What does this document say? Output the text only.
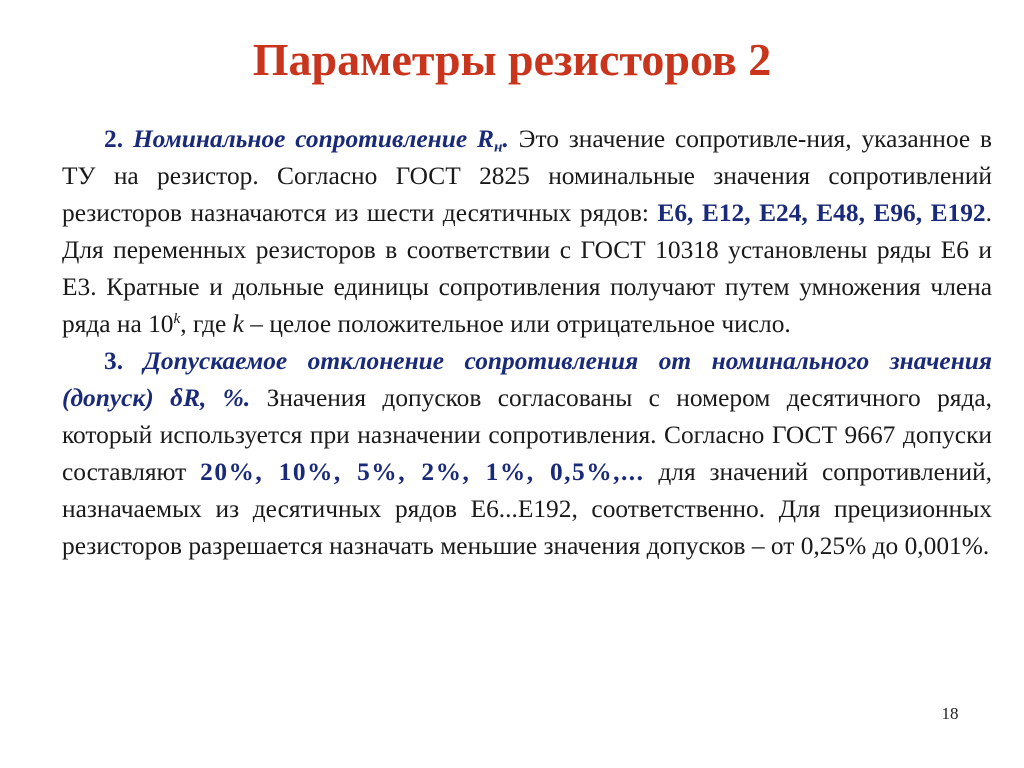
Параметры резисторов 2

2. Номинальное сопротивление $R_н$. Это значение сопротивле-ния, указанное в ТУ на резистор. Согласно ГОСТ 2825 номинальные значения сопротивлений резисторов назначаются из шести десятичных рядов: Е6, Е12, Е24, Е48, Е96, Е192. Для переменных резисторов в соответствии с ГОСТ 10318 установлены ряды Е6 и Е3. Кратные и дольные единицы сопротивления получают путем умножения члена ряда на 10$^k$, где k – целое положительное или отрицательное число.

3. Допускаемое отклонение сопротивления от номинального значения (допуск) δR, %. Значения допусков согласованы с номером десятичного ряда, который используется при назначении сопротивления. Согласно ГОСТ 9667 допуски составляют 20%, 10%, 5%, 2%, 1%, 0,5%,... для значений сопротивлений, назначаемых из десятичных рядов Е6...Е192, соответственно. Для прецизионных резисторов разрешается назначать меньшие значения допусков – от 0,25% до 0,001%.

18
